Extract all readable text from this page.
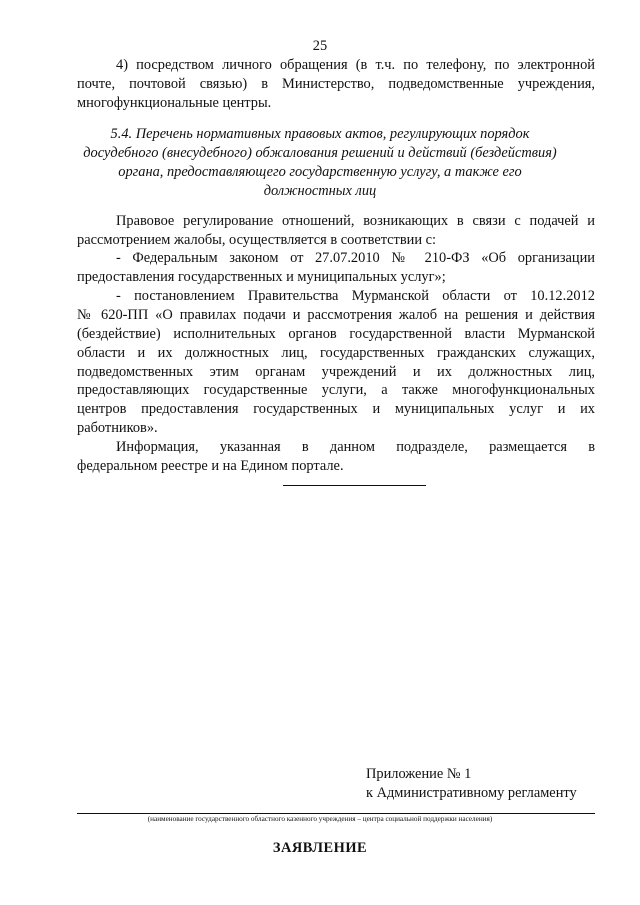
25
4) посредством личного обращения (в т.ч. по телефону, по электронной
почте, почтовой связью) в Министерство, подведомственные учреждения,
многофункциональные центры.
5.4. Перечень нормативных правовых актов, регулирующих порядок
досудебного (внесудебного) обжалования решений и действий (бездействия)
органа, предоставляющего государственную услугу, а также его
должностных лиц
Правовое регулирование отношений, возникающих в связи с подачей и
рассмотрением жалобы, осуществляется в соответствии с:
- Федеральным законом от 27.07.2010 № 210-ФЗ «Об организации
предоставления государственных и муниципальных услуг»;
- постановлением Правительства Мурманской области от 10.12.2012
№ 620-ПП «О правилах подачи и рассмотрения жалоб на решения и действия
(бездействие) исполнительных органов государственной власти Мурманской
области и их должностных лиц, государственных гражданских служащих,
подведомственных этим органам учреждений и их должностных лиц,
предоставляющих государственные услуги, а также многофункциональных
центров предоставления государственных и муниципальных услуг и их
работников».
Информация, указанная в данном подразделе, размещается в
федеральном реестре и на Едином портале.
Приложение № 1
к Административному регламенту
(наименование государственного областного казенного учреждения – центра социальной поддержки населения)
ЗАЯВЛЕНИЕ
